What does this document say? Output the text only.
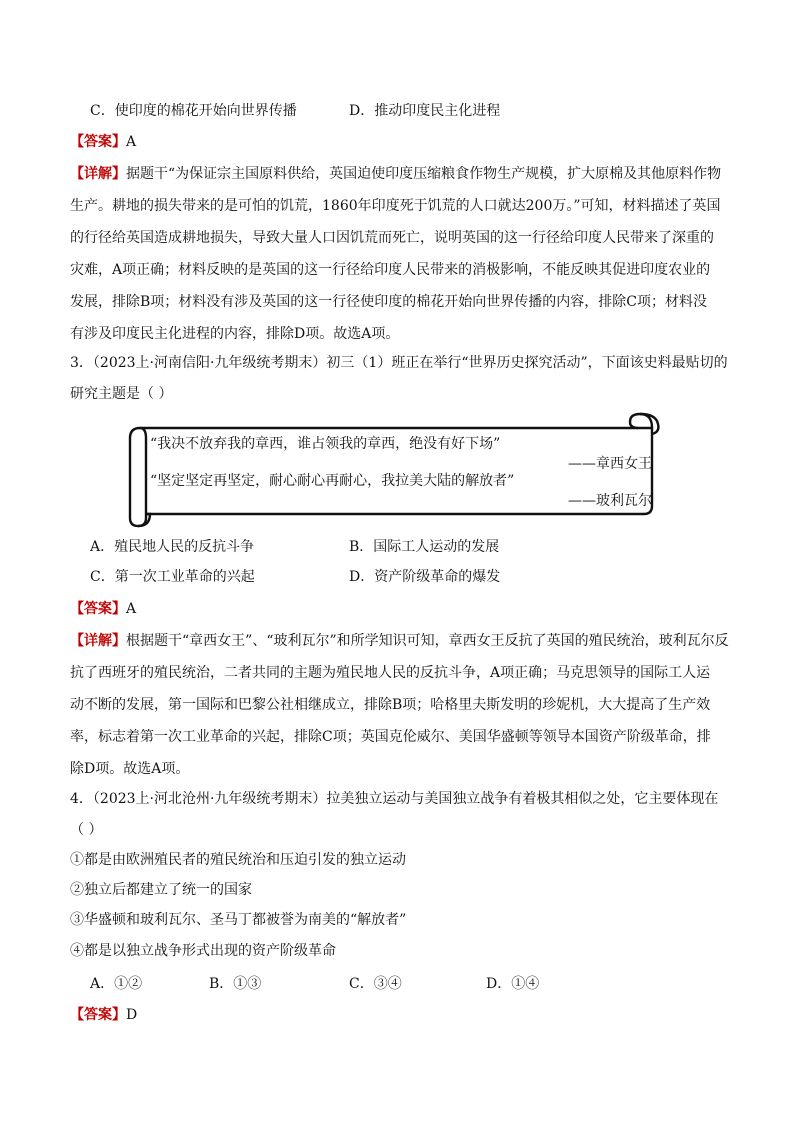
C．使印度的棉花开始向世界传播	D．推动印度民主化进程
【答案】A
【详解】据题干“为保证宗主国原料供给，英国迫使印度压缩粮食作物生产规模，扩大原棉及其他原料作物
生产。耕地的损失带来的是可怕的饥荒，1860年印度死于饥荒的人口就达200万。”可知，材料描述了英国
的行径给英国造成耕地损失，导致大量人口因饥荒而死亡，说明英国的这一行径给印度人民带来了深重的
灾难，A项正确；材料反映的是英国的这一行径给印度人民带来的消极影响，不能反映其促进印度农业的
发展，排除B项；材料没有涉及英国的这一行径使印度的棉花开始向世界传播的内容，排除C项；材料没
有涉及印度民主化进程的内容，排除D项。故选A项。
3．（2023上·河南信阳·九年级统考期末）初三（1）班正在举行“世界历史探究活动”，下面该史料最贴切的
研究主题是（ ）
“我决不放弃我的章西，谁占领我的章西，绝没有好下场”
——章西女王
“坚定坚定再坚定，耐心耐心再耐心，我拉美大陆的解放者”
——玻利瓦尔
A．殖民地人民的反抗斗争	B．国际工人运动的发展
C．第一次工业革命的兴起	D．资产阶级革命的爆发
【答案】A
【详解】根据题干“章西女王”、“玻利瓦尔”和所学知识可知，章西女王反抗了英国的殖民统治，玻利瓦尔反
抗了西班牙的殖民统治，二者共同的主题为殖民地人民的反抗斗争，A项正确；马克思领导的国际工人运
动不断的发展，第一国际和巴黎公社相继成立，排除B项；哈格里夫斯发明的珍妮机，大大提高了生产效
率，标志着第一次工业革命的兴起，排除C项；英国克伦威尔、美国华盛顿等领导本国资产阶级革命，排
除D项。故选A项。
4．（2023上·河北沧州·九年级统考期末）拉美独立运动与美国独立战争有着极其相似之处，它主要体现在
（ ）
①都是由欧洲殖民者的殖民统治和压迫引发的独立运动
②独立后都建立了统一的国家
③华盛顿和玻利瓦尔、圣马丁都被誉为南美的“解放者”
④都是以独立战争形式出现的资产阶级革命
A．①②	B．①③	C．③④	D．①④
【答案】D
